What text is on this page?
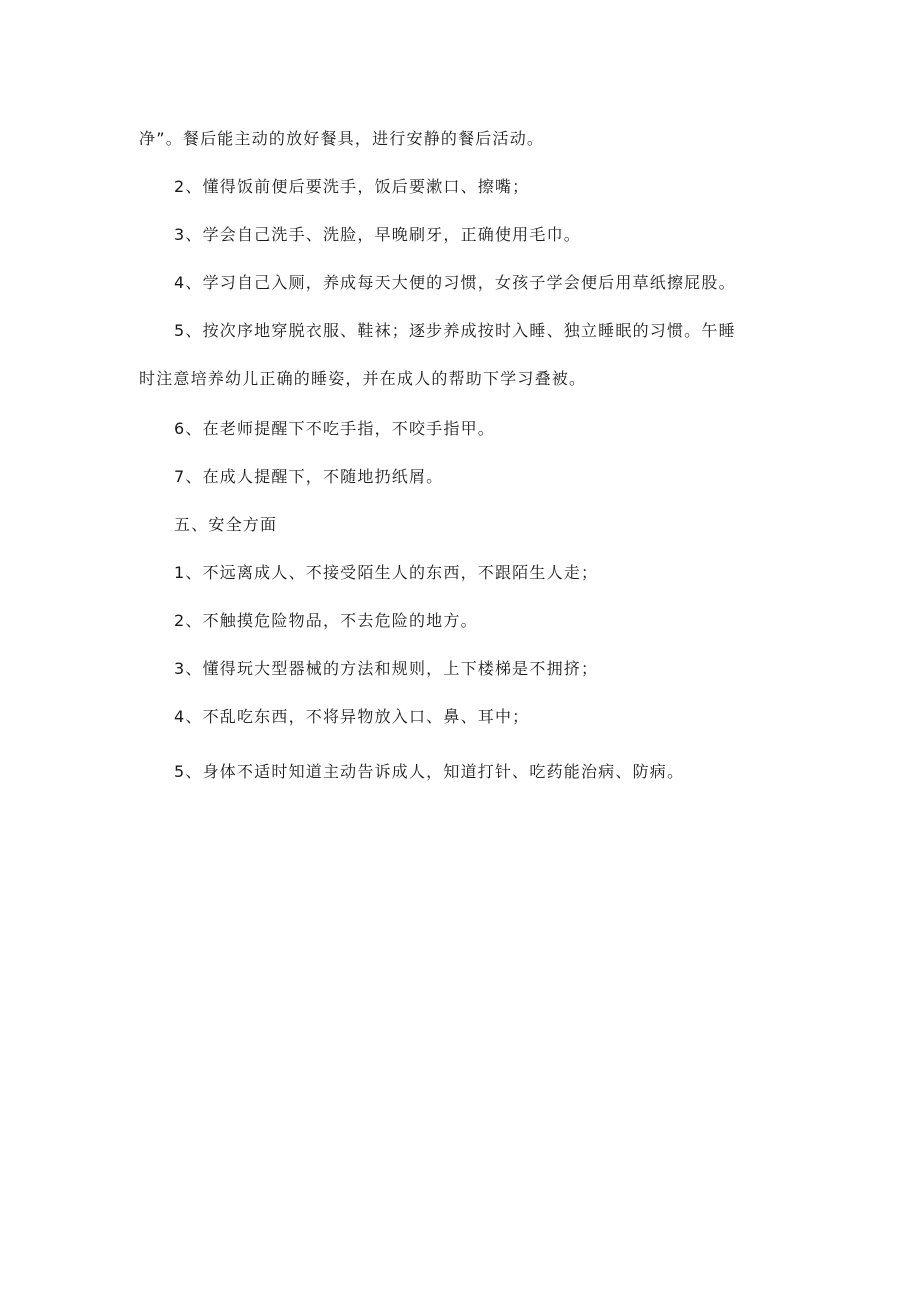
净”。餐后能主动的放好餐具，进行安静的餐后活动。
2、懂得饭前便后要洗手，饭后要漱口、擦嘴；
3、学会自己洗手、洗脸，早晚刷牙，正确使用毛巾。
4、学习自己入厕，养成每天大便的习惯，女孩子学会便后用草纸擦屁股。
5、按次序地穿脱衣服、鞋袜；逐步养成按时入睡、独立睡眠的习惯。午睡
时注意培养幼儿正确的睡姿，并在成人的帮助下学习叠被。
6、在老师提醒下不吃手指，不咬手指甲。
7、在成人提醒下，不随地扔纸屑。
五、安全方面
1、不远离成人、不接受陌生人的东西，不跟陌生人走；
2、不触摸危险物品，不去危险的地方。
3、懂得玩大型器械的方法和规则，上下楼梯是不拥挤；
4、不乱吃东西，不将异物放入口、鼻、耳中；
5、身体不适时知道主动告诉成人，知道打针、吃药能治病、防病。
